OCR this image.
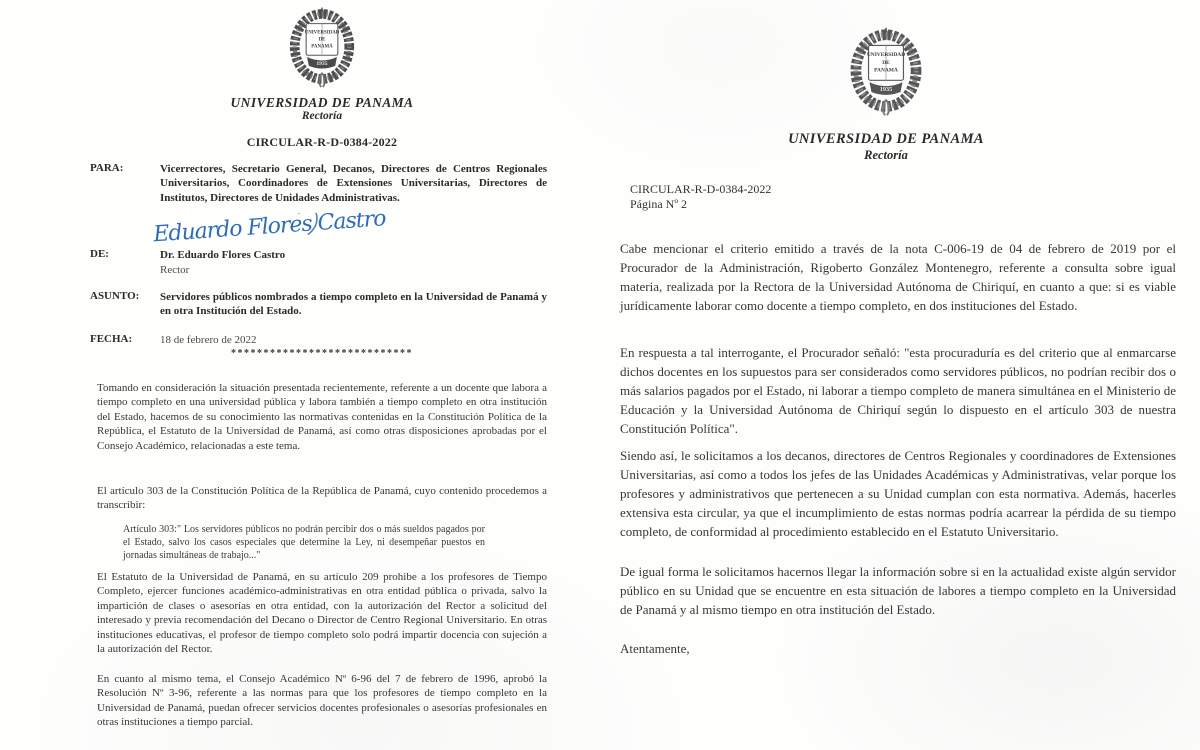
UNIVERSIDAD
DE
PANAMÁ
1935
UNIVERSIDAD DE PANAMA
Rectoría
CIRCULAR-R-D-0384-2022
PARA:	Vicerrectores, Secretario General, Decanos, Directores de Centros Regionales Universitarios, Coordinadores de Extensiones Universitarias, Directores de Institutos, Directores de Unidades Administrativas.
Eduardo Flores Castro
DE:	Dr. Eduardo Flores Castro
Rector
ASUNTO:	Servidores públicos nombrados a tiempo completo en la Universidad de Panamá y en otra Institución del Estado.
FECHA:	18 de febrero de 2022
****************************
Tomando en consideración la situación presentada recientemente, referente a un docente que labora a tiempo completo en una universidad pública y labora también a tiempo completo en otra institución del Estado, hacemos de su conocimiento las normativas contenidas en la Constitución Política de la República, el Estatuto de la Universidad de Panamá, así como otras disposiciones aprobadas por el Consejo Académico, relacionadas a este tema.
El artículo 303 de la Constitución Política de la República de Panamá, cuyo contenido procedemos a transcribir:
Artículo 303:" Los servidores públicos no podrán percibir dos o más sueldos pagados por el Estado, salvo los casos especiales que determine la Ley, ni desempeñar puestos en jornadas simultáneas de trabajo..."
El Estatuto de la Universidad de Panamá, en su artículo 209 prohibe a los profesores de Tiempo Completo, ejercer funciones académico-administrativas en otra entidad pública o privada, salvo la impartición de clases o asesorías en otra entidad, con la autorización del Rector a solicitud del interesado y previa recomendación del Decano o Director de Centro Regional Universitario. En otras instituciones educativas, el profesor de tiempo completo solo podrá impartir docencia con sujeción a la autorización del Rector.
En cuanto al mismo tema, el Consejo Académico Nº 6-96 del 7 de febrero de 1996, aprobó la Resolución Nº 3-96, referente a las normas para que los profesores de tiempo completo en la Universidad de Panamá, puedan ofrecer servicios docentes profesionales o asesorías profesionales en otras instituciones a tiempo parcial.
UNIVERSIDAD
DE
PANAMÁ
1935
UNIVERSIDAD DE PANAMA
Rectoría
CIRCULAR-R-D-0384-2022
Página Nº 2
Cabe mencionar el criterio emitido a través de la nota C-006-19 de 04 de febrero de 2019 por el Procurador de la Administración, Rigoberto González Montenegro, referente a consulta sobre igual materia, realizada por la Rectora de la Universidad Autónoma de Chiriquí, en cuanto a que: si es viable jurídicamente laborar como docente a tiempo completo, en dos instituciones del Estado.
En respuesta a tal interrogante, el Procurador señaló: "esta procuraduría es del criterio que al enmarcarse dichos docentes en los supuestos para ser considerados como servidores públicos, no podrían recibir dos o más salarios pagados por el Estado, ni laborar a tiempo completo de manera simultánea en el Ministerio de Educación y la Universidad Autónoma de Chiriquí según lo dispuesto en el artículo 303 de nuestra Constitución Política".
Siendo así, le solicitamos a los decanos, directores de Centros Regionales y coordinadores de Extensiones Universitarias, así como a todos los jefes de las Unidades Académicas y Administrativas, velar porque los profesores y administrativos que pertenecen a su Unidad cumplan con esta normativa. Además, hacerles extensiva esta circular, ya que el incumplimiento de estas normas podría acarrear la pérdida de su tiempo completo, de conformidad al procedimiento establecido en el Estatuto Universitario.
De igual forma le solicitamos hacernos llegar la información sobre si en la actualidad existe algún servidor público en su Unidad que se encuentre en esta situación de labores a tiempo completo en la Universidad de Panamá y al mismo tiempo en otra institución del Estado.
Atentamente,
